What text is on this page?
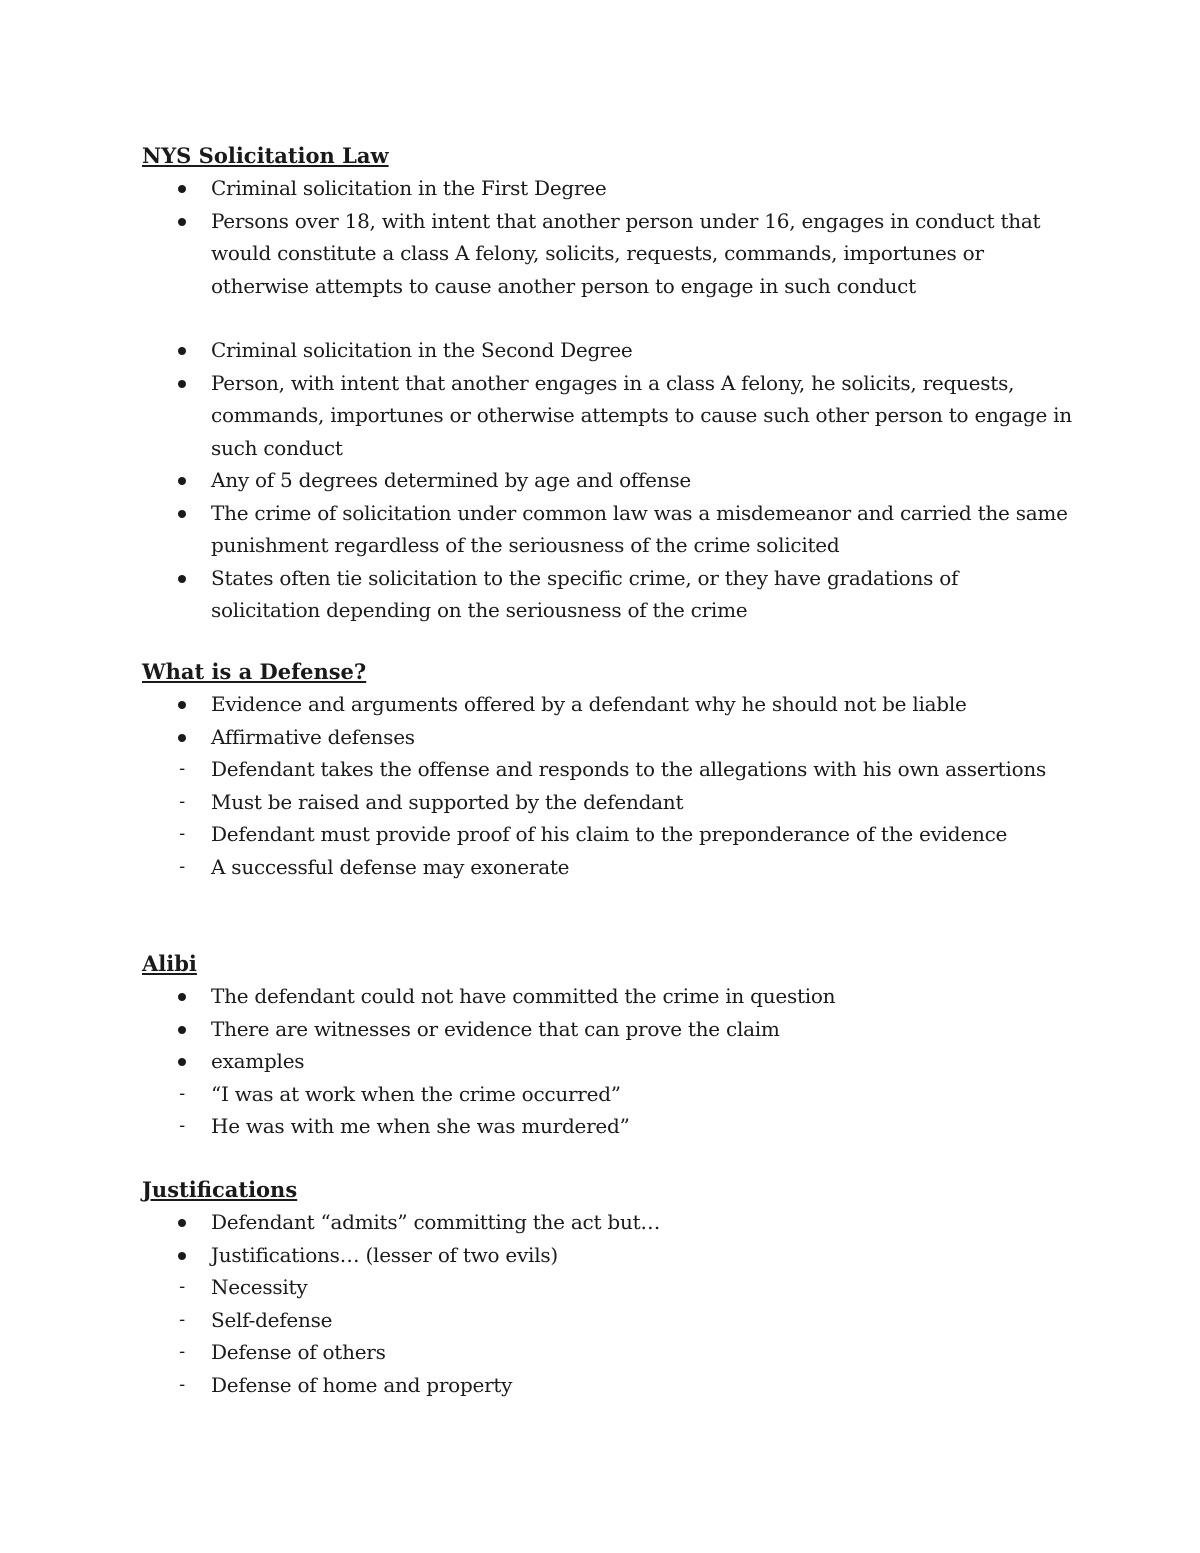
NYS Solicitation Law
Criminal solicitation in the First Degree
Persons over 18, with intent that another person under 16, engages in conduct that would constitute a class A felony, solicits, requests, commands, importunes or otherwise attempts to cause another person to engage in such conduct
Criminal solicitation in the Second Degree
Person, with intent that another engages in a class A felony, he solicits, requests, commands, importunes or otherwise attempts to cause such other person to engage in such conduct
Any of 5 degrees determined by age and offense
The crime of solicitation under common law was a misdemeanor and carried the same punishment regardless of the seriousness of the crime solicited
States often tie solicitation to the specific crime, or they have gradations of solicitation depending on the seriousness of the crime
What is a Defense?
Evidence and arguments offered by a defendant why he should not be liable
Affirmative defenses
-
Defendant takes the offense and responds to the allegations with his own assertions
-
Must be raised and supported by the defendant
-
Defendant must provide proof of his claim to the preponderance of the evidence
-
A successful defense may exonerate
Alibi
The defendant could not have committed the crime in question
There are witnesses or evidence that can prove the claim
examples
-
“I was at work when the crime occurred”
-
He was with me when she was murdered”
Justifications
Defendant “admits” committing the act but…
Justifications… (lesser of two evils)
-
Necessity
-
Self-defense
-
Defense of others
-
Defense of home and property
